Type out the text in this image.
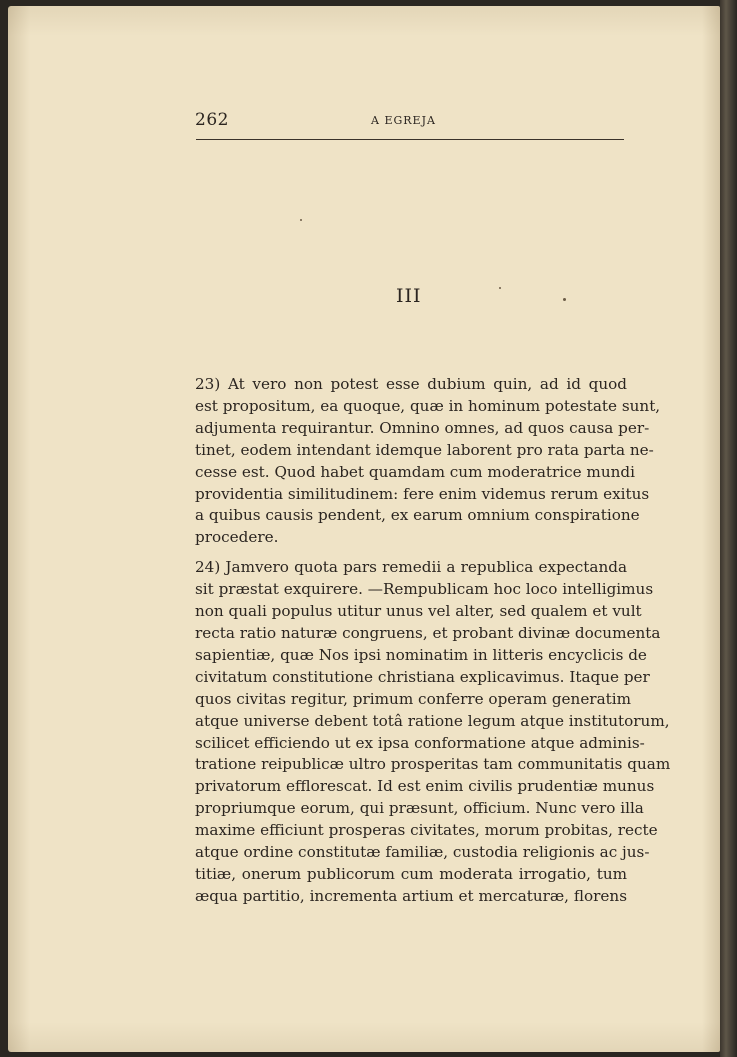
262	A EGREJA
III
23) At vero non potest esse dubium quin, ad id quod
est propositum, ea quoque, quæ in hominum potestate sunt,
adjumenta requirantur. Omnino omnes, ad quos causa per-
tinet, eodem intendant idemque laborent pro rata parta ne-
cesse est. Quod habet quamdam cum moderatrice mundi
providentia similitudinem: fere enim videmus rerum exitus
a quibus causis pendent, ex earum omnium conspiratione
procedere.
24) Jamvero quota pars remedii a republica expectanda
sit præstat exquirere. —Rempublicam hoc loco intelligimus
non quali populus utitur unus vel alter, sed qualem et vult
recta ratio naturæ congruens, et probant divinæ documenta
sapientiæ, quæ Nos ipsi nominatim in litteris encyclicis de
civitatum constitutione christiana explicavimus. Itaque per
quos civitas regitur, primum conferre operam generatim
atque universe debent totâ ratione legum atque institutorum,
scilicet efficiendo ut ex ipsa conformatione atque adminis-
tratione reipublicæ ultro prosperitas tam communitatis quam
privatorum efflorescat. Id est enim civilis prudentiæ munus
propriumque eorum, qui præsunt, officium. Nunc vero illa
maxime efficiunt prosperas civitates, morum probitas, recte
atque ordine constitutæ familiæ, custodia religionis ac jus-
titiæ, onerum publicorum cum moderata irrogatio, tum
æqua partitio, incrementa artium et mercaturæ, florens
